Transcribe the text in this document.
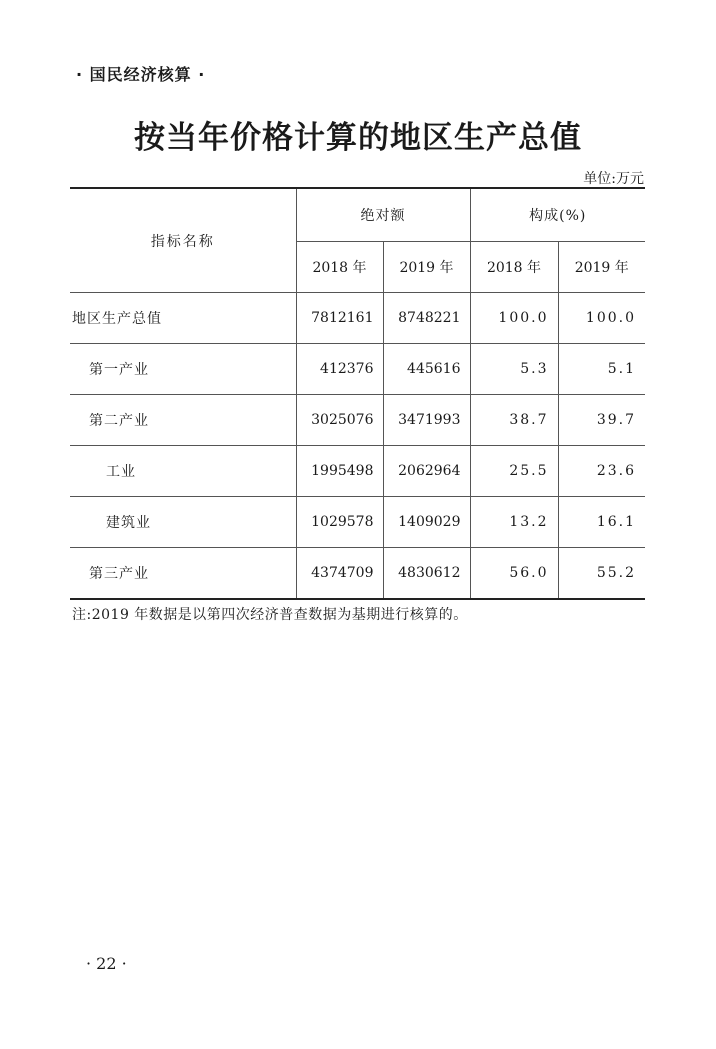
· 国民经济核算 ·
按当年价格计算的地区生产总值
单位:万元
指标名称	绝对额		构成(%)	
	2018 年	2019 年	2018 年	2019 年
地区生产总值	7812161	8748221	100.0	100.0
第一产业	412376	445616	5.3	5.1
第二产业	3025076	3471993	38.7	39.7
工业	1995498	2062964	25.5	23.6
建筑业	1029578	1409029	13.2	16.1
第三产业	4374709	4830612	56.0	55.2
注:2019 年数据是以第四次经济普查数据为基期进行核算的。
· 22 ·
